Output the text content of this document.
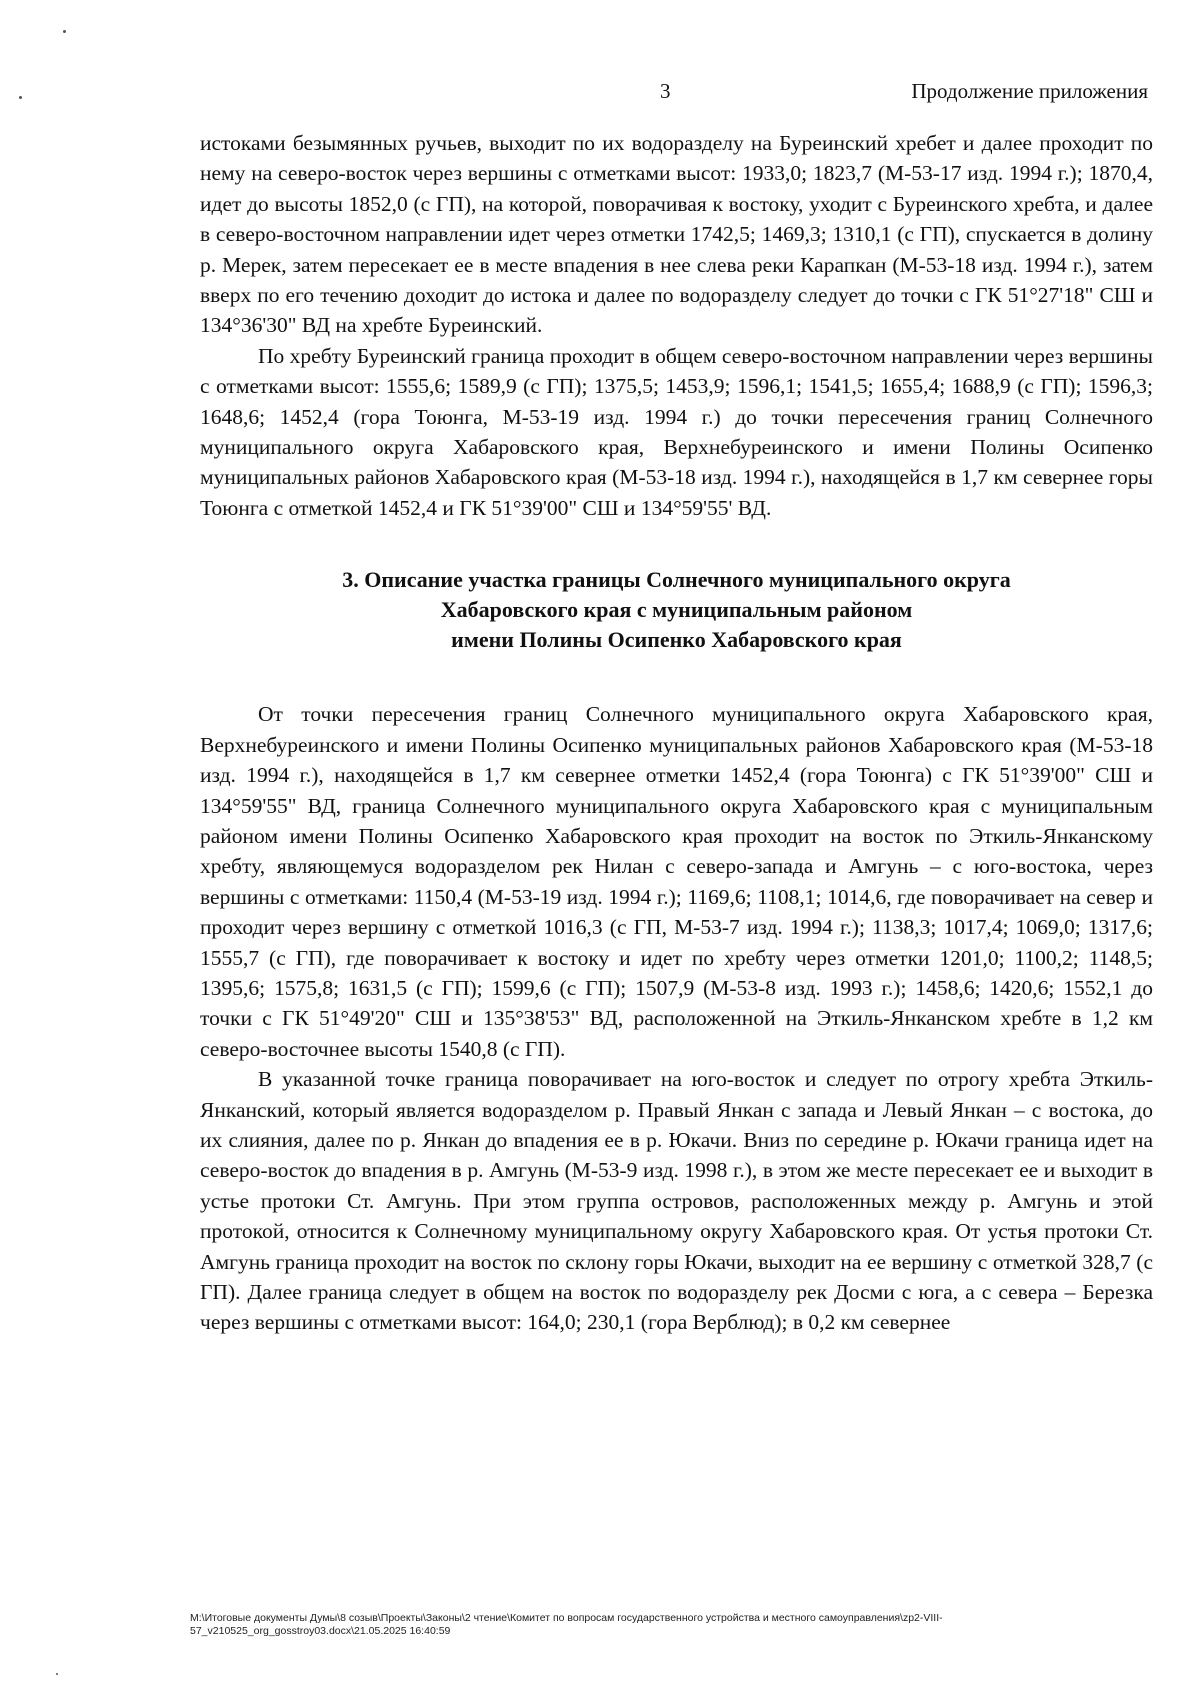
3	Продолжение приложения

истоками безымянных ручьев, выходит по их водоразделу на Буреинский хребет и далее проходит по нему на северо-восток через вершины с отметками высот: 1933,0; 1823,7 (М-53-17 изд. 1994 г.); 1870,4, идет до высоты 1852,0 (с ГП), на которой, поворачивая к востоку, уходит с Буреинского хребта, и далее в северо-восточном направлении идет через отметки 1742,5; 1469,3; 1310,1 (с ГП), спускается в долину р. Мерек, затем пересекает ее в месте впадения в нее слева реки Карапкан (М-53-18 изд. 1994 г.), затем вверх по его течению доходит до истока и далее по водоразделу следует до точки с ГК 51°27'18" СШ и 134°36'30" ВД на хребте Буреинский.

По хребту Буреинский граница проходит в общем северо-восточном направлении через вершины с отметками высот: 1555,6; 1589,9 (с ГП); 1375,5; 1453,9; 1596,1; 1541,5; 1655,4; 1688,9 (с ГП); 1596,3; 1648,6; 1452,4 (гора Тоюнга, М-53-19 изд. 1994 г.) до точки пересечения границ Солнечного муниципального округа Хабаровского края, Верхнебуреинского и имени Полины Осипенко муниципальных районов Хабаровского края (М-53-18 изд. 1994 г.), находящейся в 1,7 км севернее горы Тоюнга с отметкой 1452,4 и ГК 51°39'00" СШ и 134°59'55' ВД.

3. Описание участка границы Солнечного муниципального округа
Хабаровского края с муниципальным районом
имени Полины Осипенко Хабаровского края

От точки пересечения границ Солнечного муниципального округа Хабаровского края, Верхнебуреинского и имени Полины Осипенко муниципальных районов Хабаровского края (М-53-18 изд. 1994 г.), находящейся в 1,7 км севернее отметки 1452,4 (гора Тоюнга) с ГК 51°39'00" СШ и 134°59'55" ВД, граница Солнечного муниципального округа Хабаровского края с муниципальным районом имени Полины Осипенко Хабаровского края проходит на восток по Эткиль-Янканскому хребту, являющемуся водоразделом рек Нилан с северо-запада и Амгунь – с юго-востока, через вершины с отметками: 1150,4 (М-53-19 изд. 1994 г.); 1169,6; 1108,1; 1014,6, где поворачивает на север и проходит через вершину с отметкой 1016,3 (с ГП, М-53-7 изд. 1994 г.); 1138,3; 1017,4; 1069,0; 1317,6; 1555,7 (с ГП), где поворачивает к востоку и идет по хребту через отметки 1201,0; 1100,2; 1148,5; 1395,6; 1575,8; 1631,5 (с ГП); 1599,6 (с ГП); 1507,9 (М-53-8 изд. 1993 г.); 1458,6; 1420,6; 1552,1 до точки с ГК 51°49'20" СШ и 135°38'53" ВД, расположенной на Эткиль-Янканском хребте в 1,2 км северо-восточнее высоты 1540,8 (с ГП).

В указанной точке граница поворачивает на юго-восток и следует по отрогу хребта Эткиль-Янканский, который является водоразделом р. Правый Янкан с запада и Левый Янкан – с востока, до их слияния, далее по р. Янкан до впадения ее в р. Юкачи. Вниз по середине р. Юкачи граница идет на северо-восток до впадения в р. Амгунь (М-53-9 изд. 1998 г.), в этом же месте пересекает ее и выходит в устье протоки Ст. Амгунь. При этом группа островов, расположенных между р. Амгунь и этой протокой, относится к Солнечному муниципальному округу Хабаровского края. От устья протоки Ст. Амгунь граница проходит на восток по склону горы Юкачи, выходит на ее вершину с отметкой 328,7 (с ГП). Далее граница следует в общем на восток по водоразделу рек Досми с юга, а с севера – Березка через вершины с отметками высот: 164,0; 230,1 (гора Верблюд); в 0,2 км севернее

M:\Итоговые документы Думы\8 созыв\Проекты\Законы\2 чтение\Комитет по вопросам государственного устройства и местного самоуправления\zp2-VIII-57_v210525_org_gosstroy03.docx\21.05.2025 16:40:59
